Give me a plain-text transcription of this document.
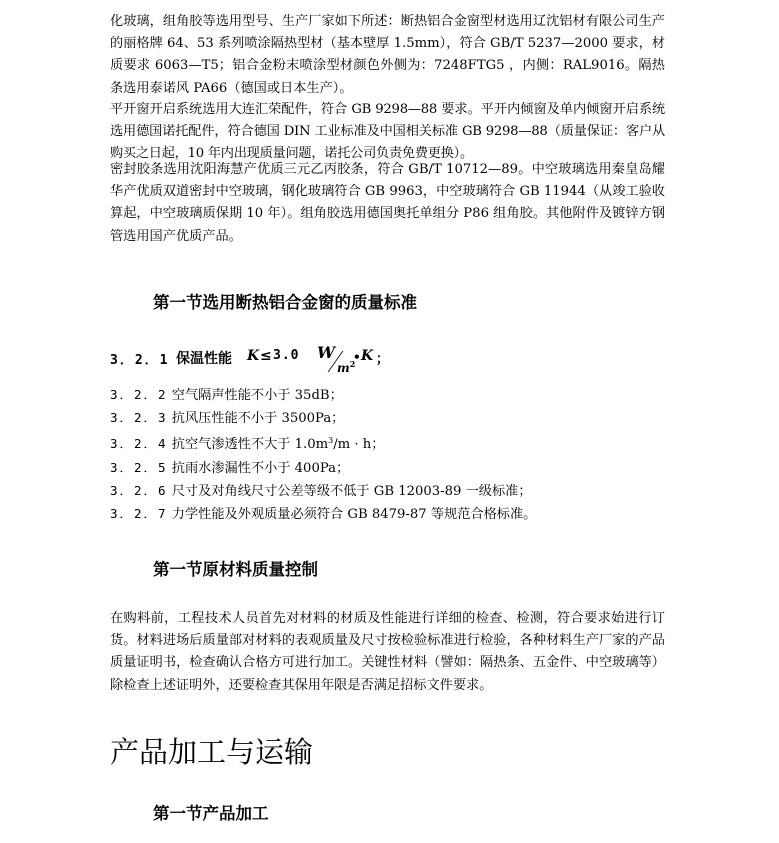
化玻璃，组角胶等选用型号、生产厂家如下所述：断热铝合金窗型材选用辽沈铝材有限公司生产的丽格牌 64、53 系列喷涂隔热型材（基本壁厚 1.5mm），符合 GB/T 5237—2000 要求，材质要求 6063—T5；铝合金粉末喷涂型材颜色外侧为：7248FTG5 ，内侧：RAL9016。隔热条选用泰诺风 PA66（德国或日本生产）。
平开窗开启系统选用大连汇荣配件，符合 GB 9298—88 要求。平开内倾窗及单内倾窗开启系统选用德国诺托配件，符合德国 DIN 工业标准及中国相关标准 GB 9298—88（质量保证：客户从购买之日起，10 年内出现质量问题，诺托公司负责免费更换）。
密封胶条选用沈阳海慧产优质三元乙丙胶条，符合 GB/T 10712—89。中空玻璃选用秦皇岛耀华产优质双道密封中空玻璃，钢化玻璃符合 GB 9963，中空玻璃符合 GB 11944（从竣工验收算起，中空玻璃质保期 10 年）。组角胶选用德国奥托单组分 P86 组角胶。其他附件及镀锌方钢管选用国产优质产品。
第一节选用断热铝合金窗的质量标准
3．2．1 保温性能 K ≤ 3.0 W
$m^2$
• K ；
3．2．2 空气隔声性能不小于 35dB；
3．2．3 抗风压性能不小于 3500Pa；
3．2．4 抗空气渗透性不大于 $1.0m^3/m \cdot h$；
3．2．5 抗雨水渗漏性不小于 400Pa；
3．2．6 尺寸及对角线尺寸公差等级不低于 GB 12003-89 一级标准；
3．2．7 力学性能及外观质量必须符合 GB 8479-87 等规范合格标准。
第一节原材料质量控制
在购料前，工程技术人员首先对材料的材质及性能进行详细的检查、检测，符合要求始进行订货。材料进场后质量部对材料的表观质量及尺寸按检验标准进行检验，各种材料生产厂家的产品质量证明书，检查确认合格方可进行加工。关键性材料（譬如：隔热条、五金件、中空玻璃等）除检查上述证明外，还要检查其保用年限是否满足招标文件要求。
产品加工与运输
第一节产品加工
